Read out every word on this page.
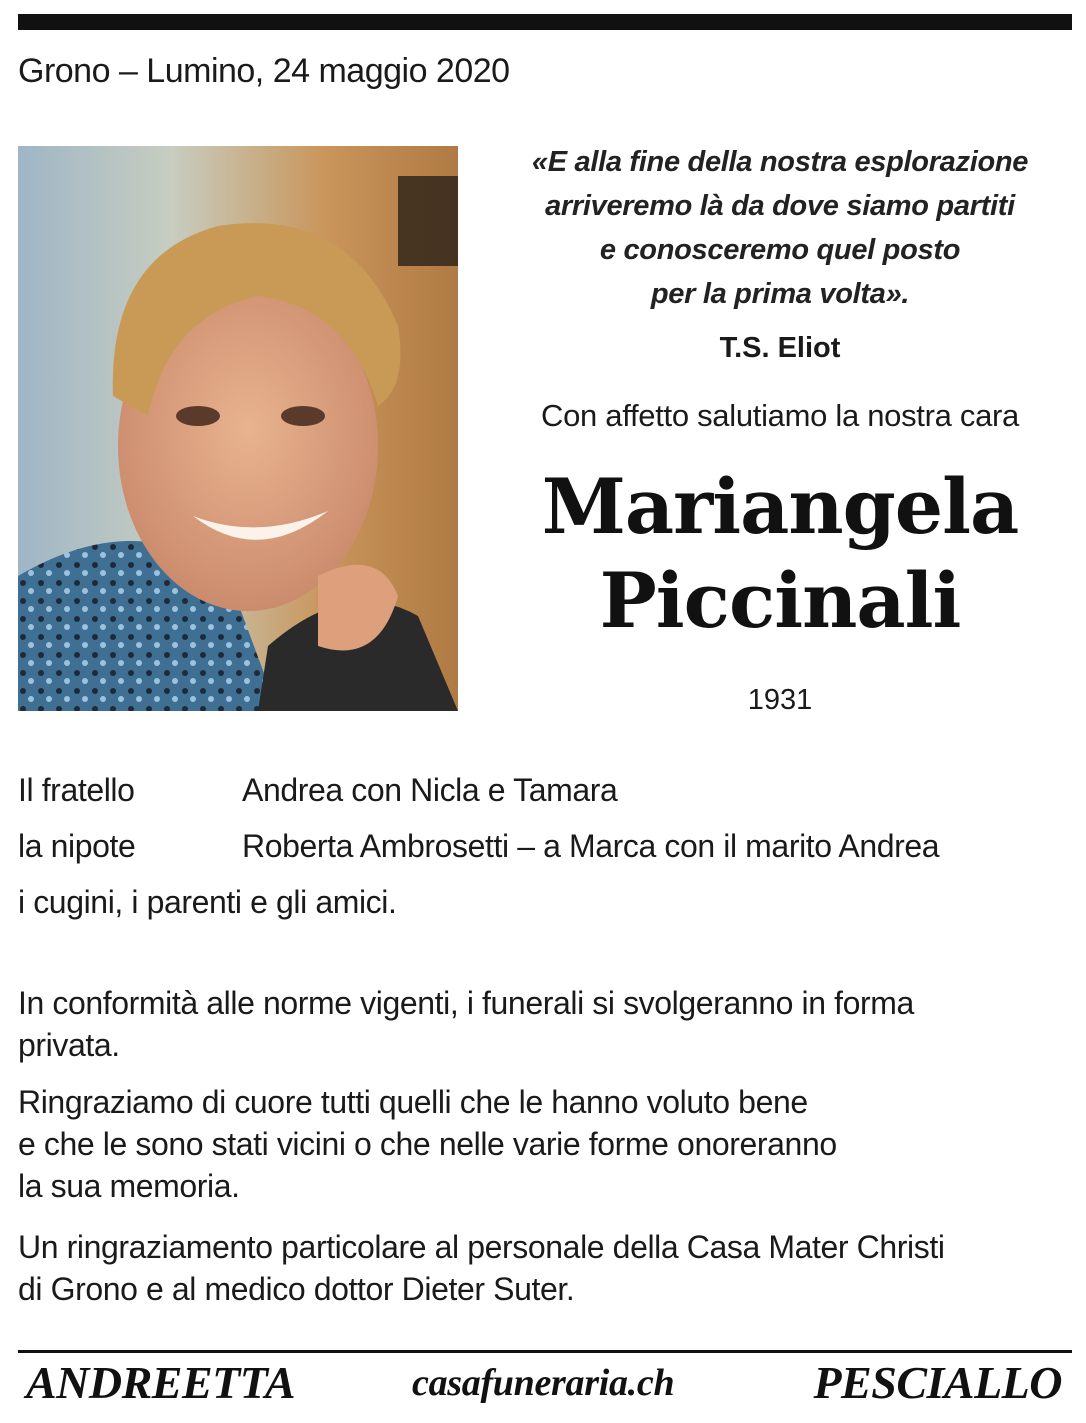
Grono – Lumino, 24 maggio 2020
«E alla fine della nostra esplorazione
arriveremo là da dove siamo partiti
e conosceremo quel posto
per la prima volta».
T.S. Eliot
Con affetto salutiamo la nostra cara
Mariangela
Piccinali
1931
Il fratello	Andrea con Nicla e Tamara
la nipote	Roberta Ambrosetti – a Marca con il marito Andrea
i cugini, i parenti e gli amici.
In conformità alle norme vigenti, i funerali si svolgeranno in forma
privata.
Ringraziamo di cuore tutti quelli che le hanno voluto bene
e che le sono stati vicini o che nelle varie forme onoreranno
la sua memoria.
Un ringraziamento particolare al personale della Casa Mater Christi
di Grono e al medico dottor Dieter Suter.
ANDREETTA	casafuneraria.ch	PESCIALLO
